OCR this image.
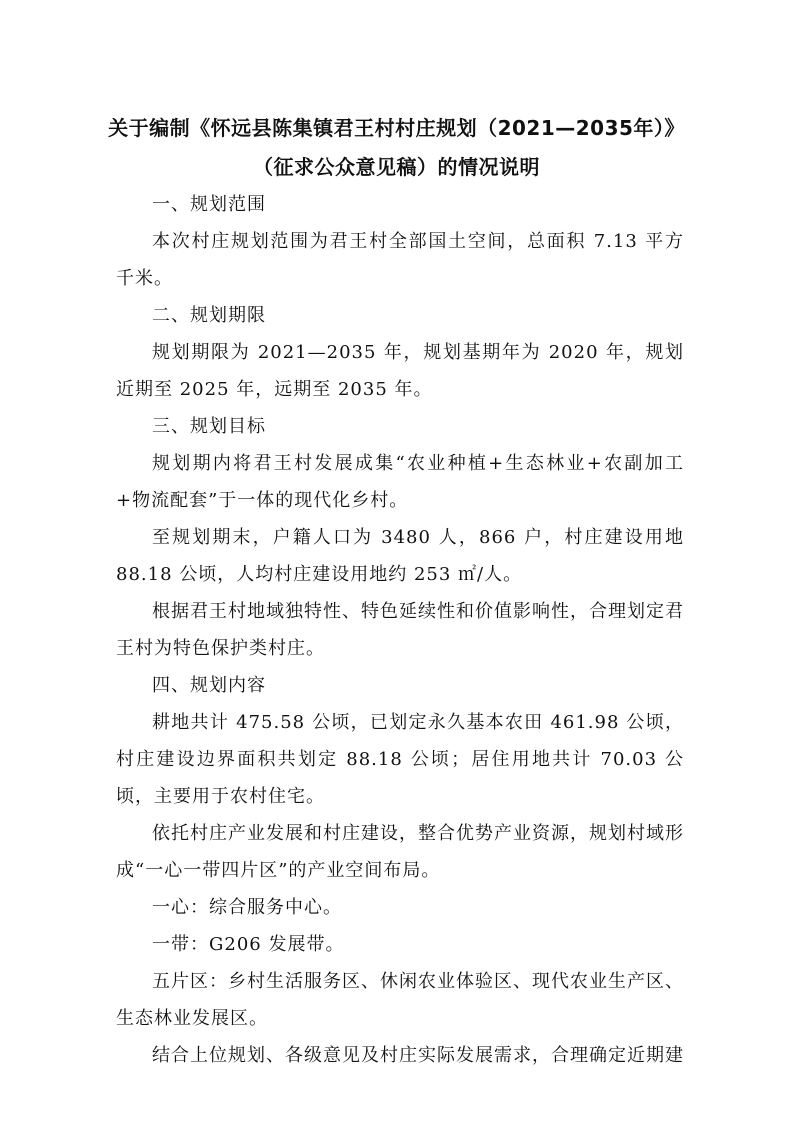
关于编制《怀远县陈集镇君王村村庄规划（2021—2035年）》
（征求公众意见稿）的情况说明

一、规划范围

本次村庄规划范围为君王村全部国土空间，总面积 7.13 平方千米。

二、规划期限

规划期限为 2021—2035 年，规划基期年为 2020 年，规划近期至 2025 年，远期至 2035 年。

三、规划目标

规划期内将君王村发展成集“农业种植+生态林业+农副加工+物流配套”于一体的现代化乡村。

至规划期末，户籍人口为 3480 人，866 户，村庄建设用地 88.18 公顷，人均村庄建设用地约 253 ㎡/人。

根据君王村地域独特性、特色延续性和价值影响性，合理划定君王村为特色保护类村庄。

四、规划内容

耕地共计 475.58 公顷，已划定永久基本农田 461.98 公顷，村庄建设边界面积共划定 88.18 公顷；居住用地共计 70.03 公顷，主要用于农村住宅。

依托村庄产业发展和村庄建设，整合优势产业资源，规划村域形成“一心一带四片区”的产业空间布局。

一心：综合服务中心。

一带：G206 发展带。

五片区：乡村生活服务区、休闲农业体验区、现代农业生产区、生态林业发展区。

结合上位规划、各级意见及村庄实际发展需求，合理确定近期建
